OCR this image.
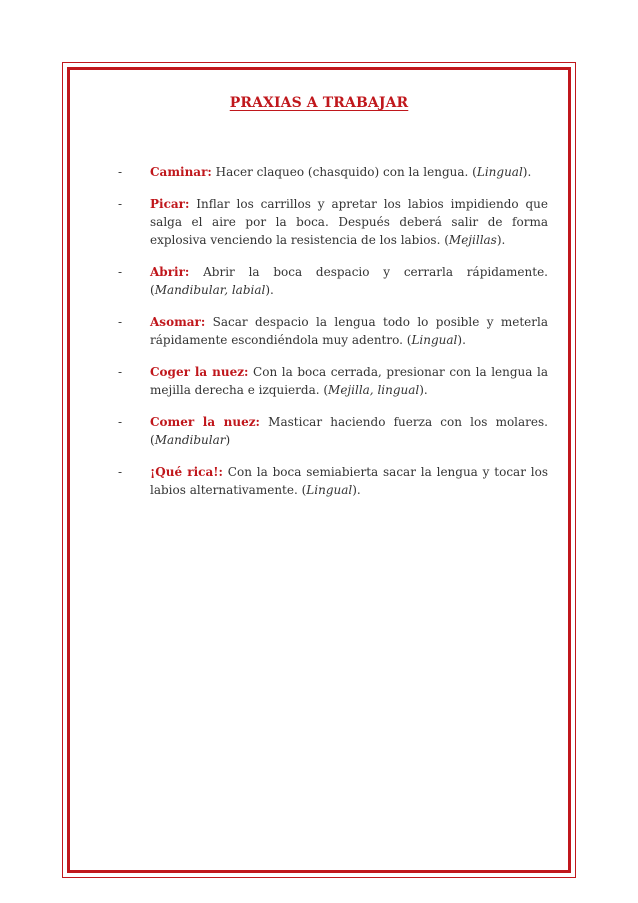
PRAXIAS A TRABAJAR
- Caminar: Hacer claqueo (chasquido) con la lengua. (Lingual).
- Picar: Inflar los carrillos y apretar los labios impidiendo que salga el aire por la boca. Después deberá salir de forma explosiva venciendo la resistencia de los labios. (Mejillas).
- Abrir: Abrir la boca despacio y cerrarla rápidamente. (Mandibular, labial).
- Asomar: Sacar despacio la lengua todo lo posible y meterla rápidamente escondiéndola muy adentro. (Lingual).
- Coger la nuez: Con la boca cerrada, presionar con la lengua la mejilla derecha e izquierda. (Mejilla, lingual).
- Comer la nuez: Masticar haciendo fuerza con los molares. (Mandibular)
- ¡Qué rica!: Con la boca semiabierta sacar la lengua y tocar los labios alternativamente. (Lingual).
